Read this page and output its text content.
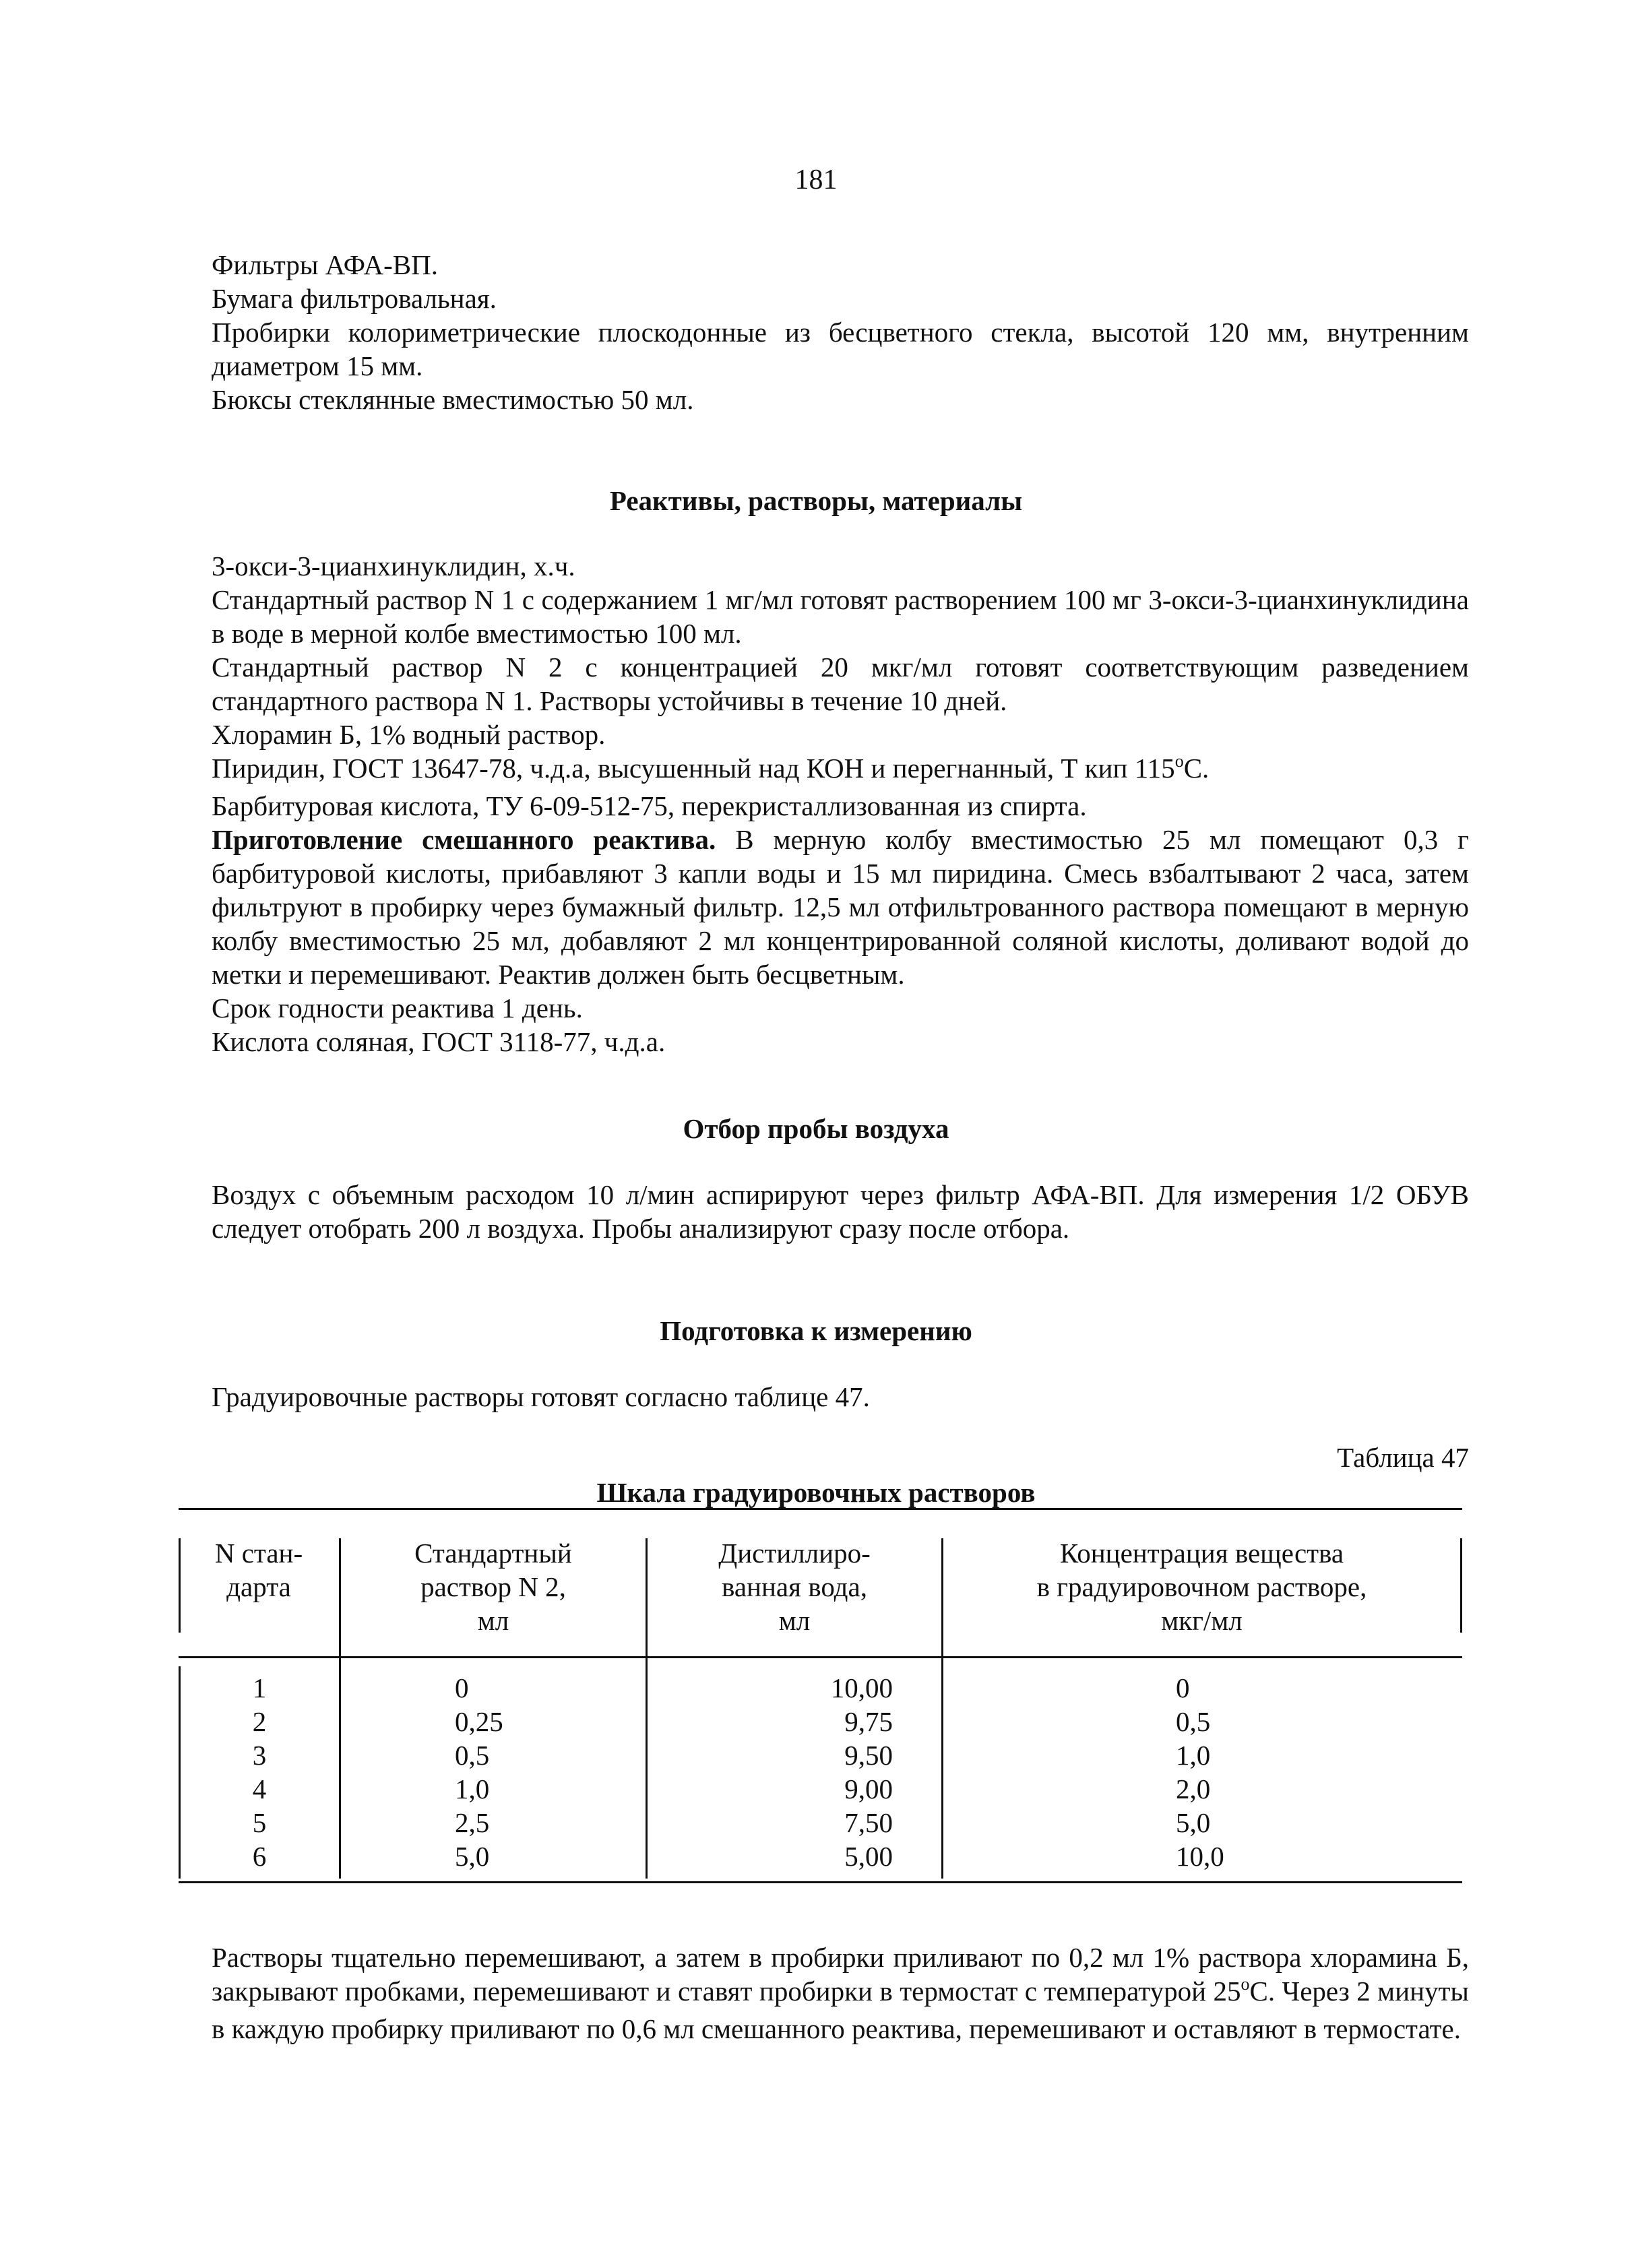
181

Фильтры АФА-ВП.

Бумага фильтровальная.

Пробирки колориметрические плоскодонные из бесцветного стекла, высотой 120 мм, внутренним диаметром 15 мм.

Бюксы стеклянные вместимостью 50 мл.

Реактивы, растворы, материалы

3-окси-3-цианхинуклидин, х.ч.

Стандартный раствор N 1 с содержанием 1 мг/мл готовят растворением 100 мг 3-окси-3-цианхинуклидина в воде в мерной колбе вместимостью 100 мл.

Стандартный раствор N 2 с концентрацией 20 мкг/мл готовят соответствующим разведением стандартного раствора N 1. Растворы устойчивы в течение 10 дней.

Хлорамин Б, 1% водный раствор.

Пиридин, ГОСТ 13647-78, ч.д.а, высушенный над КОН и перегнанный, Т кип $115^оС$.

Барбитуровая кислота, ТУ 6-09-512-75, перекристаллизованная из спирта.

Приготовление смешанного реактива. В мерную колбу вместимостью 25 мл помещают 0,3 г барбитуровой кислоты, прибавляют 3 капли воды и 15 мл пиридина. Смесь взбалтывают 2 часа, затем фильтруют в пробирку через бумажный фильтр. 12,5 мл отфильтрованного раствора помещают в мерную колбу вместимостью 25 мл, добавляют 2 мл концентрированной соляной кислоты, доливают водой до метки и перемешивают. Реактив должен быть бесцветным.

Срок годности реактива 1 день.

Кислота соляная, ГОСТ 3118-77, ч.д.а.

Отбор пробы воздуха

Воздух с объемным расходом 10 л/мин аспирируют через фильтр АФА-ВП. Для измерения 1/2 ОБУВ следует отобрать 200 л воздуха. Пробы анализируют сразу после отбора.

Подготовка к измерению

Градуировочные растворы готовят согласно таблице 47.

Таблица 47
Шкала градуировочных растворов
N стан-
дарта
Стандартный
раствор N 2,
мл
Дистиллиро-
ванная вода,
мл
Концентрация вещества
в градуировочном растворе,
мкг/мл
1
2
3
4
5
6
0
0,25
0,5
1,0
2,5
5,0
10,00
9,75
9,50
9,00
7,50
5,00
0
0,5
1,0
2,0
5,0
10,0

Растворы тщательно перемешивают, а затем в пробирки приливают по 0,2 мл 1% раствора хлорамина Б, закрывают пробками, перемешивают и ставят пробирки в термостат с температурой $25^оС$. Через 2 минуты в каждую пробирку приливают по 0,6 мл смешанного реактива, перемешивают и оставляют в термостате.
